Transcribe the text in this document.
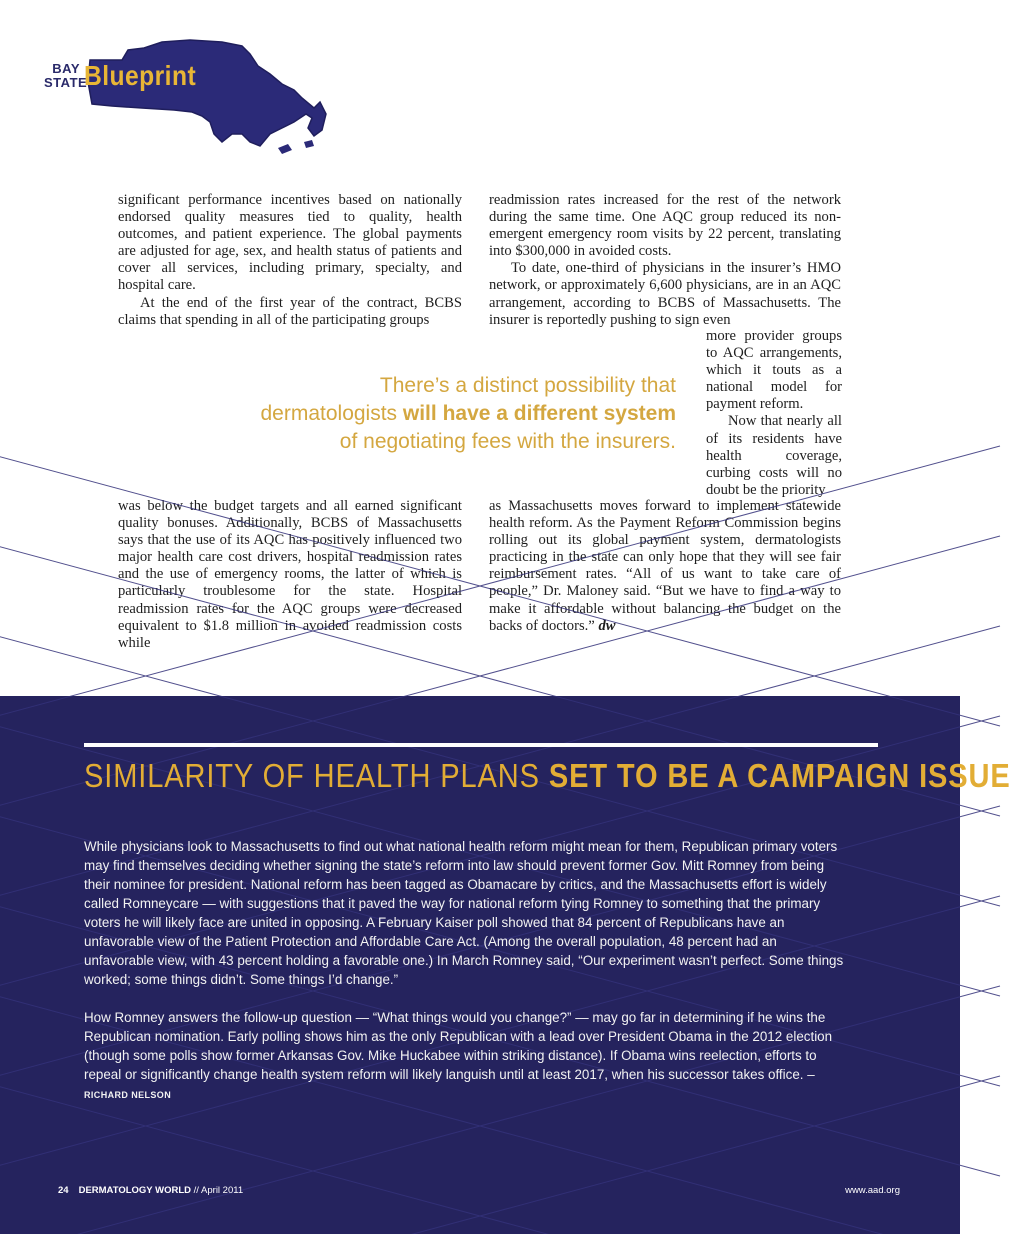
BAY
STATE
Blueprint

significant performance incentives based on nationally endorsed quality measures tied to quality, health outcomes, and patient experience. The global payments are adjusted for age, sex, and health status of patients and cover all services, including primary, specialty, and hospital care.

At the end of the first year of the contract, BCBS claims that spending in all of the participating groups

was below the budget targets and all earned significant quality bonuses. Additionally, BCBS of Massachusetts says that the use of its AQC has positively influenced two major health care cost drivers, hospital readmission rates and the use of emergency rooms, the latter of which is particularly troublesome for the state. Hospital readmission rates for the AQC groups were decreased equivalent to $1.8 million in avoided readmission costs while

readmission rates increased for the rest of the network during the same time. One AQC group reduced its non-emergent emergency room visits by 22 percent, translating into $300,000 in avoided costs.

To date, one-third of physicians in the insurer’s HMO network, or approximately 6,600 physicians, are in an AQC arrangement, according to BCBS of Massachusetts. The insurer is reportedly pushing to sign even

more provider groups to AQC arrangements, which it touts as a national model for payment reform.

Now that nearly all of its residents have health coverage, curbing costs will no doubt be the priority

as Massachusetts moves forward to implement statewide health reform. As the Payment Reform Commission begins rolling out its global payment system, dermatologists practicing in the state can only hope that they will see fair reimbursement rates. “All of us want to take care of people,” Dr. Maloney said. “But we have to find a way to make it affordable without balancing the budget on the backs of doctors.” dw

There’s a distinct possibility that
dermatologists will have a different system
of negotiating fees with the insurers.
SIMILARITY OF HEALTH PLANS SET TO BE A CAMPAIGN ISSUE

While physicians look to Massachusetts to find out what national health reform might mean for them, Republican primary voters may find themselves deciding whether signing the state’s reform into law should prevent former Gov. Mitt Romney from being their nominee for president. National reform has been tagged as Obamacare by critics, and the Massachusetts effort is widely called Romneycare — with suggestions that it paved the way for national reform tying Romney to something that the primary voters he will likely face are united in opposing. A February Kaiser poll showed that 84 percent of Republicans have an unfavorable view of the Patient Protection and Affordable Care Act. (Among the overall population, 48 percent had an unfavorable view, with 43 percent holding a favorable one.) In March Romney said, “Our experiment wasn’t perfect. Some things worked; some things didn’t. Some things I’d change.”

How Romney answers the follow-up question — “What things would you change?” — may go far in determining if he wins the Republican nomination. Early polling shows him as the only Republican with a lead over President Obama in the 2012 election (though some polls show former Arkansas Gov. Mike Huckabee within striking distance). If Obama wins reelection, efforts to repeal or significantly change health system reform will likely languish until at least 2017, when his successor takes office. – RICHARD NELSON

24 DERMATOLOGY WORLD // April 2011	www.aad.org
